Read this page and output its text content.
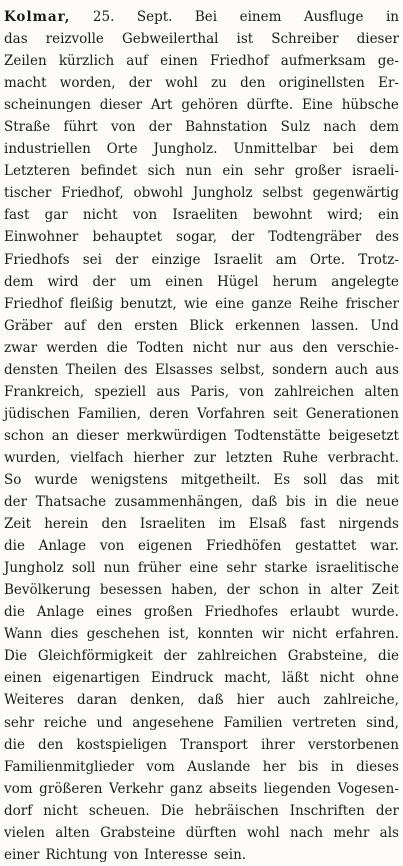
Kolmar, 25. Sept. Bei einem Ausfluge in
das reizvolle Gebweilerthal ist Schreiber dieser
Zeilen kürzlich auf einen Friedhof aufmerksam ge-
macht worden, der wohl zu den originellsten Er-
scheinungen dieser Art gehören dürfte. Eine hübsche
Straße führt von der Bahnstation Sulz nach dem
industriellen Orte Jungholz. Unmittelbar bei dem
Letzteren befindet sich nun ein sehr großer israeli-
tischer Friedhof, obwohl Jungholz selbst gegenwärtig
fast gar nicht von Israeliten bewohnt wird; ein
Einwohner behauptet sogar, der Todtengräber des
Friedhofs sei der einzige Israelit am Orte. Trotz-
dem wird der um einen Hügel herum angelegte
Friedhof fleißig benutzt, wie eine ganze Reihe frischer
Gräber auf den ersten Blick erkennen lassen. Und
zwar werden die Todten nicht nur aus den verschie-
densten Theilen des Elsasses selbst, sondern auch aus
Frankreich, speziell aus Paris, von zahlreichen alten
jüdischen Familien, deren Vorfahren seit Generationen
schon an dieser merkwürdigen Todtenstätte beigesetzt
wurden, vielfach hierher zur letzten Ruhe verbracht.
So wurde wenigstens mitgetheilt. Es soll das mit
der Thatsache zusammenhängen, daß bis in die neue
Zeit herein den Israeliten im Elsaß fast nirgends
die Anlage von eigenen Friedhöfen gestattet war.
Jungholz soll nun früher eine sehr starke israelitische
Bevölkerung besessen haben, der schon in alter Zeit
die Anlage eines großen Friedhofes erlaubt wurde.
Wann dies geschehen ist, konnten wir nicht erfahren.
Die Gleichförmigkeit der zahlreichen Grabsteine, die
einen eigenartigen Eindruck macht, läßt nicht ohne
Weiteres daran denken, daß hier auch zahlreiche,
sehr reiche und angesehene Familien vertreten sind,
die den kostspieligen Transport ihrer verstorbenen
Familienmitglieder vom Auslande her bis in dieses
vom größeren Verkehr ganz abseits liegenden Vogesen-
dorf nicht scheuen. Die hebräischen Inschriften der
vielen alten Grabsteine dürften wohl nach mehr als
einer Richtung von Interesse sein.
